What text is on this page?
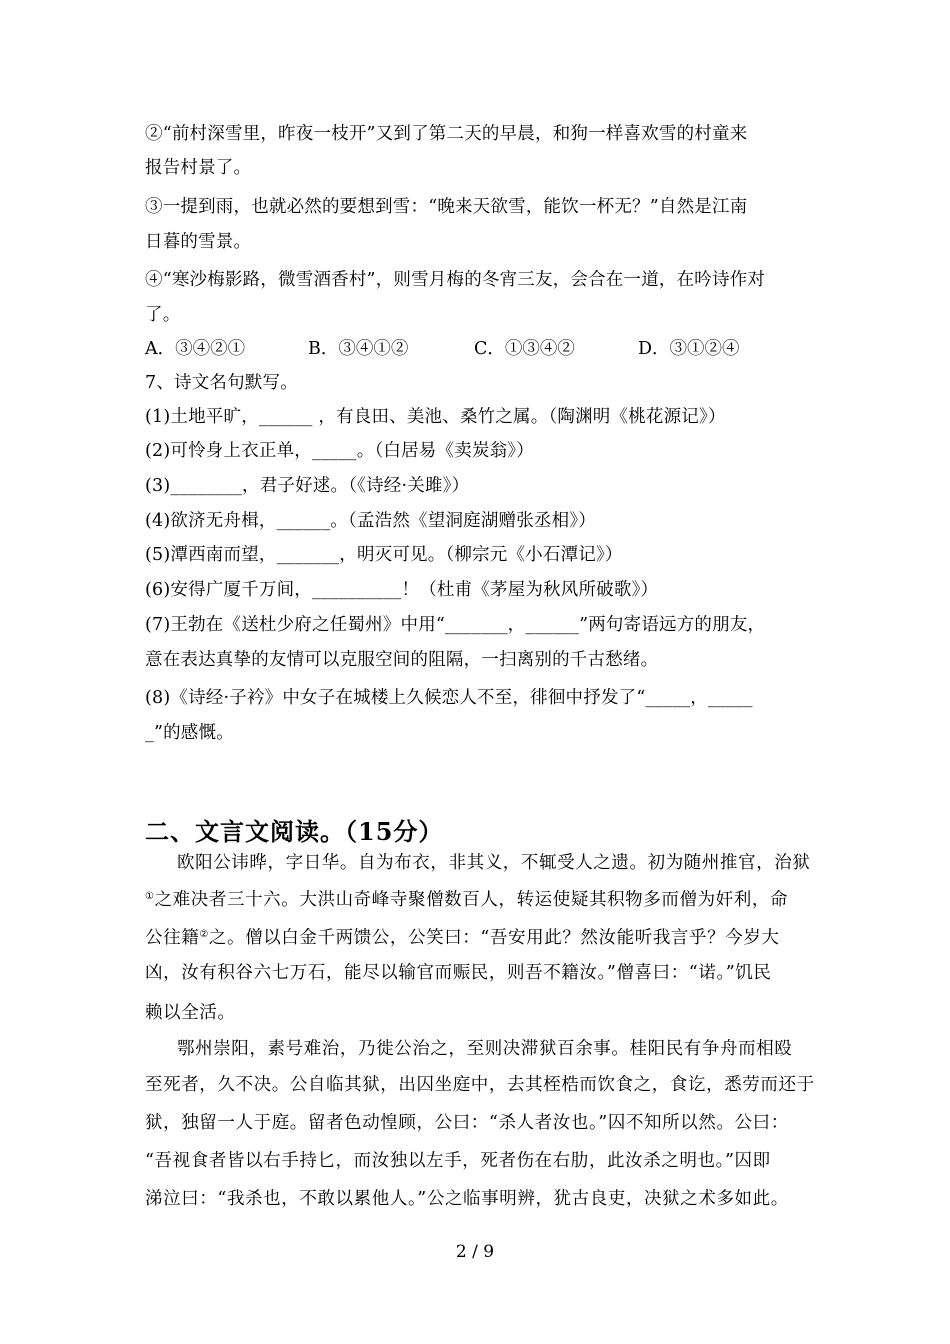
②“前村深雪里，昨夜一枝开”又到了第二天的早晨，和狗一样喜欢雪的村童来
报告村景了。
③一提到雨，也就必然的要想到雪：“晚来天欲雪，能饮一杯无？”自然是江南
日暮的雪景。
④“寒沙梅影路，微雪酒香村”，则雪月梅的冬宵三友，会合在一道，在吟诗作对
了。
A．③④②①	B．③④①②	C．①③④②	D．③①②④
7、诗文名句默写。
(1)土地平旷，______ ，有良田、美池、桑竹之属。（陶渊明《桃花源记》）
(2)可怜身上衣正单，_____。（白居易《卖炭翁》）
(3)________，君子好逑。（《诗经·关雎》）
(4)欲济无舟楫，______。（孟浩然《望洞庭湖赠张丞相》）
(5)潭西南而望，_______，明灭可见。（柳宗元《小石潭记》）
(6)安得广厦千万间，__________！（杜甫《茅屋为秋风所破歌》）
(7)王勃在《送杜少府之任蜀州》中用“_______，______”两句寄语远方的朋友，
意在表达真挚的友情可以克服空间的阻隔，一扫离别的千古愁绪。
(8)《诗经·子衿》中女子在城楼上久候恋人不至，徘徊中抒发了“_____，_____
_”的感慨。
二、文言文阅读。（15分）
欧阳公讳晔，字日华。自为布衣，非其义，不辄受人之遗。初为随州推官，治狱
①之难决者三十六。大洪山奇峰寺聚僧数百人，转运使疑其积物多而僧为奸利，命
公往籍②之。僧以白金千两馈公，公笑曰：“吾安用此？然汝能听我言乎？今岁大
凶，汝有积谷六七万石，能尽以输官而赈民，则吾不籍汝。”僧喜曰：“诺。”饥民
赖以全活。
鄂州崇阳，素号难治，乃徙公治之，至则决滞狱百余事。桂阳民有争舟而相殴
至死者，久不决。公自临其狱，出囚坐庭中，去其桎梏而饮食之，食讫，悉劳而还于
狱，独留一人于庭。留者色动惶顾，公曰：“杀人者汝也。”囚不知所以然。公曰：
“吾视食者皆以右手持匕，而汝独以左手，死者伤在右肋，此汝杀之明也。”囚即
涕泣曰：“我杀也，不敢以累他人。”公之临事明辨，犹古良吏，决狱之术多如此。
2 / 9
